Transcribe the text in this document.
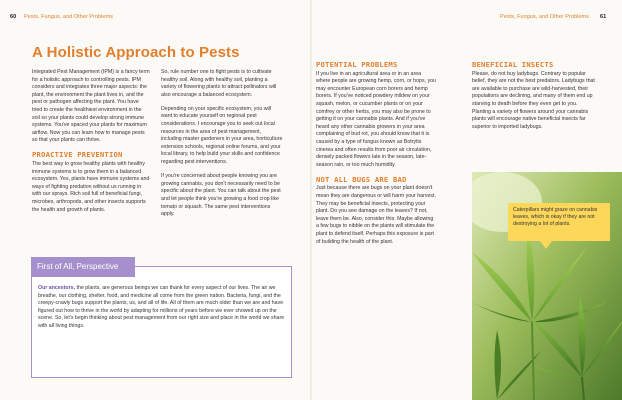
60 Pests, Fungus, and Other Problems
A Holistic Approach to Pests

Integrated Pest Management (IPM) is a fancy term for a holistic approach to controlling pests. IPM considers and integrates three major aspects: the plant, the environment the plant lives in, and the pest or pathogen affecting the plant. You have tried to create the healthiest environment in the soil so your plants could develop strong immune systems. You've spaced your plants for maximum airflow. Now you can learn how to manage pests so that your plants can thrive.

PROACTIVE PREVENTION

The best way to grow healthy plants with healthy immune systems is to grow them in a balanced ecosystem. Yes, plants have immune systems and ways of fighting predation without us running in with our sprays. Rich soil full of beneficial fungi, microbes, arthropods, and other insects supports the health and growth of plants.

So, rule number one to fight pests is to cultivate healthy soil. Along with healthy soil, planting a variety of flowering plants to attract pollinators will also encourage a balanced ecosystem.

Depending on your specific ecosystem, you will want to educate yourself on regional pest considerations. I encourage you to seek out local resources in the area of pest management, including master gardeners in your area, horticulture extension schools, regional online forums, and your local library, to help build your skills and confidence regarding pest interventions.

If you're concerned about people knowing you are growing cannabis, you don't necessarily need to be specific about the plant. You can talk about the pest and let people think you're growing a food crop like tomato or squash. The same pest interventions apply.

First of All, Perspective
Our ancestors, the plants, are generous beings we can thank for every aspect of our lives. The air we breathe, our clothing, shelter, food, and medicine all come from the green nation. Bacteria, fungi, and the creepy-crawly bugs support the plants, us, and all of life. All of them are much older than we are and have figured out how to thrive in the world by adapting for millions of years before we ever showed up on the scene. So, let's begin thinking about pest management from our right size and place in the world we share with all living things.
Pests, Fungus, and Other Problems 61
POTENTIAL PROBLEMS

If you live in an agricultural area or in an area where people are growing hemp, corn, or hops, you may encounter European corn borers and hemp borers. If you've noticed powdery mildew on your squash, melon, or cucumber plants or on your comfrey or other herbs, you may also be prone to getting it on your cannabis plants. And if you've heard any other cannabis growers in your area complaining of bud rot, you should know that it is caused by a type of fungus known as Botrytis cinerea and often results from poor air circulation, densely packed flowers late in the season, late-season rain, or too much humidity.

NOT ALL BUGS ARE BAD

Just because there are bugs on your plant doesn't mean they are dangerous or will harm your harvest. They may be beneficial insects, protecting your plant. Do you see damage on the leaves? If not, leave them be. Also, consider this: Maybe allowing a few bugs to nibble on the plants will stimulate the plant to defend itself. Perhaps this exposure is part of building the health of the plant.

BENEFICIAL INSECTS

Please, do not buy ladybugs. Contrary to popular belief, they are not the best predators. Ladybugs that are available to purchase are wild-harvested, their populations are declining, and many of them end up starving to death before they even get to you. Planting a variety of flowers around your cannabis plants will encourage native beneficial insects far superior to imported ladybugs.

Caterpillars might graze on cannabis leaves, which is okay if they are not destroying a lot of plants.
